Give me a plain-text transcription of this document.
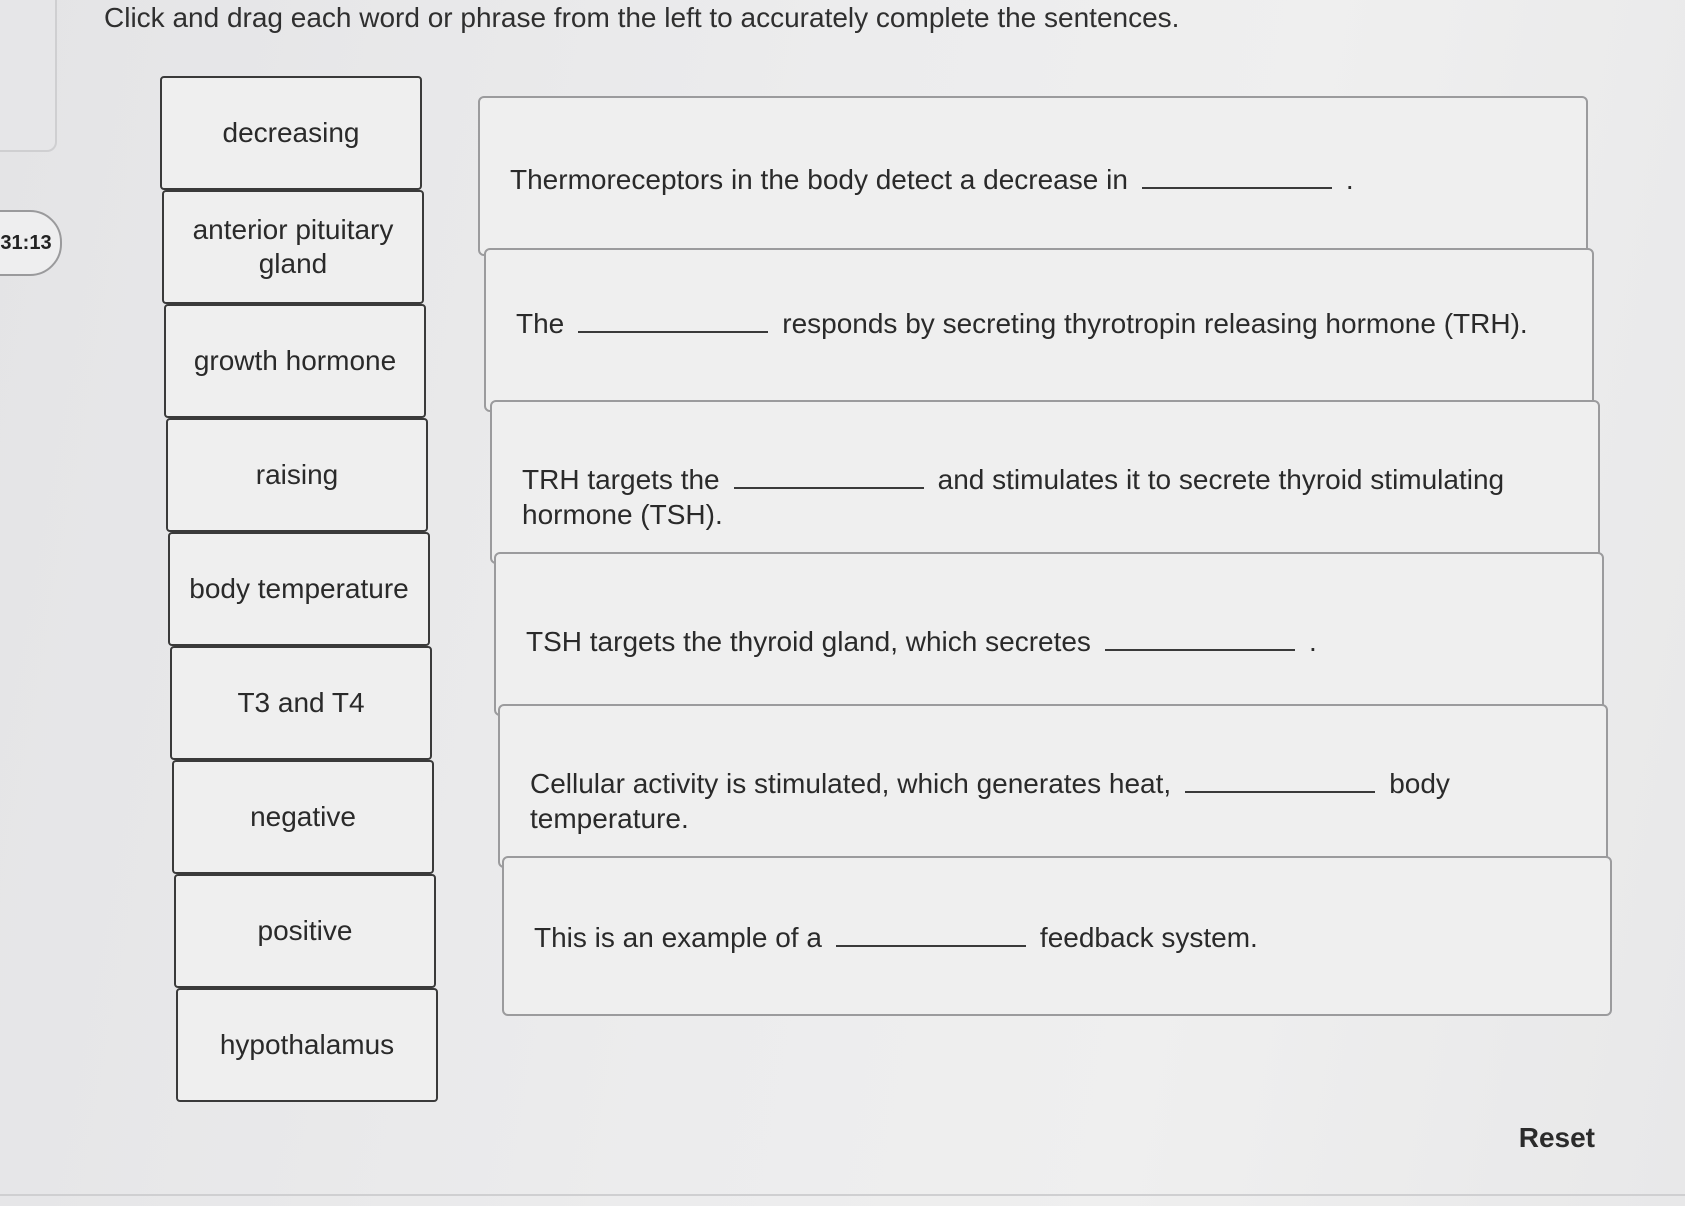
Click and drag each word or phrase from the left to accurately complete the sentences.
31:13
decreasing
anterior pituitary gland
growth hormone
raising
body temperature
T3 and T4
negative
positive
hypothalamus
Thermoreceptors in the body detect a decrease in	.
The	responds by secreting thyrotropin releasing hormone (TRH).
TRH targets the	and stimulates it to secrete thyroid stimulating hormone (TSH).
TSH targets the thyroid gland, which secretes	.
Cellular activity is stimulated, which generates heat,	body temperature.
This is an example of a	feedback system.
Reset
